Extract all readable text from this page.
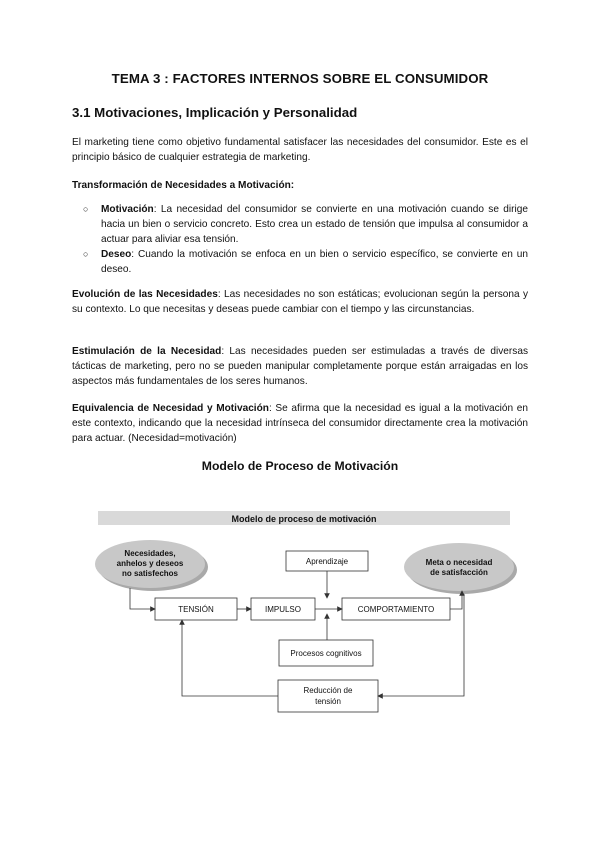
TEMA 3 : FACTORES INTERNOS SOBRE EL CONSUMIDOR
3.1 Motivaciones, Implicación y Personalidad
El marketing tiene como objetivo fundamental satisfacer las necesidades del consumidor. Este es el principio básico de cualquier estrategia de marketing.
Transformación de Necesidades a Motivación:
○ Motivación: La necesidad del consumidor se convierte en una motivación cuando se dirige hacia un bien o servicio concreto. Esto crea un estado de tensión que impulsa al consumidor a actuar para aliviar esa tensión.
○ Deseo: Cuando la motivación se enfoca en un bien o servicio específico, se convierte en un deseo.
Evolución de las Necesidades: Las necesidades no son estáticas; evolucionan según la persona y su contexto. Lo que necesitas y deseas puede cambiar con el tiempo y las circunstancias.
Estimulación de la Necesidad: Las necesidades pueden ser estimuladas a través de diversas tácticas de marketing, pero no se pueden manipular completamente porque están arraigadas en los aspectos más fundamentales de los seres humanos.
Equivalencia de Necesidad y Motivación: Se afirma que la necesidad es igual a la motivación en este contexto, indicando que la necesidad intrínseca del consumidor directamente crea la motivación para actuar. (Necesidad=motivación)
Modelo de Proceso de Motivación
Modelo de proceso de motivación
Necesidades,
anhelos y deseos
no satisfechos
Meta o necesidad
de satisfacción
Aprendizaje
TENSIÓN	IMPULSO	COMPORTAMIENTO
Procesos cognitivos
Reducción de
tensión
